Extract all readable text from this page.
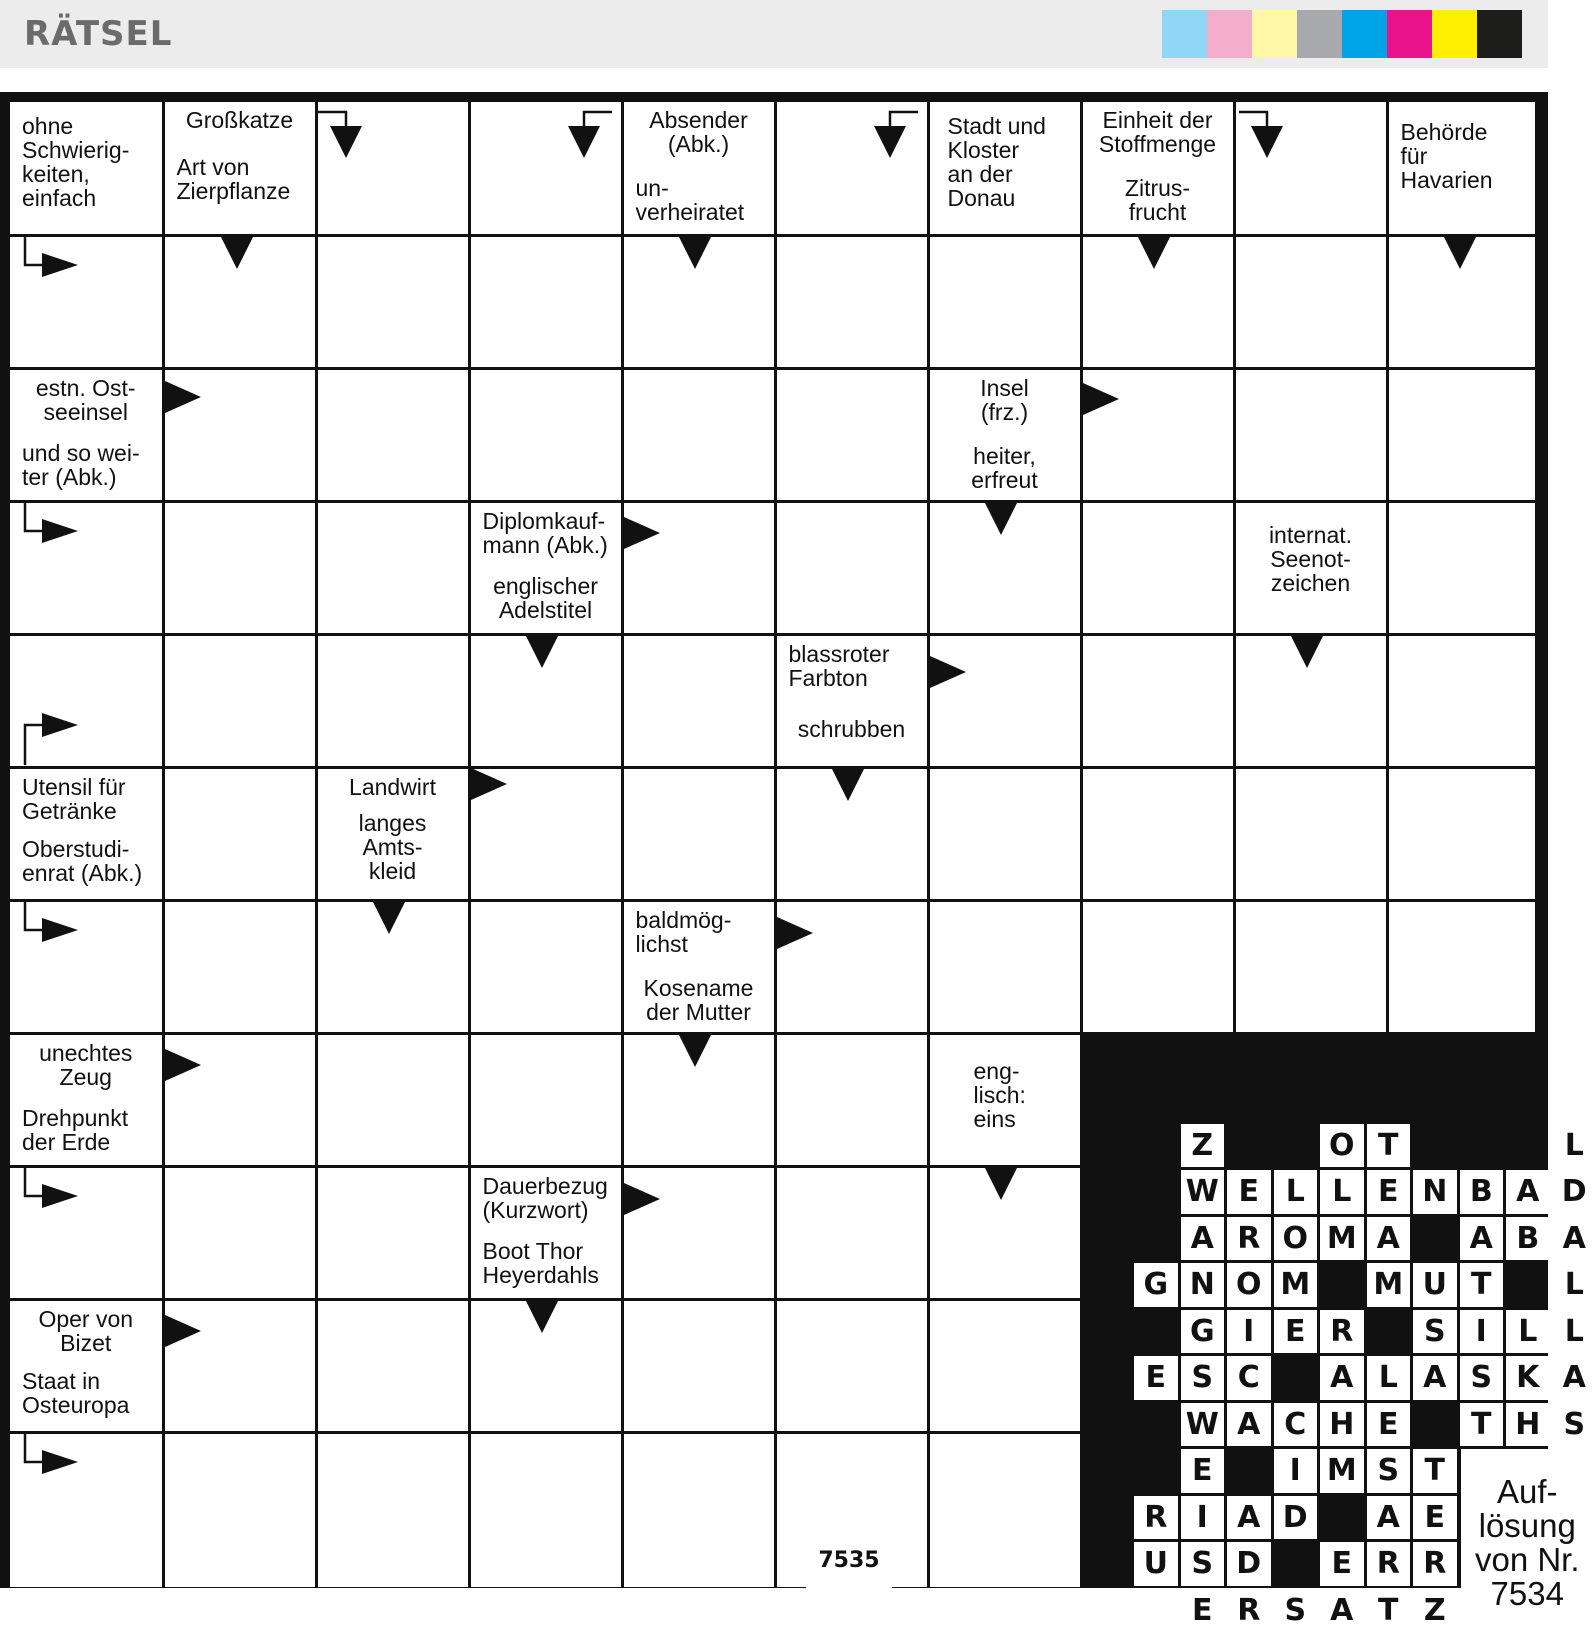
RÄTSEL
ohne
Schwierig-
keiten,
einfach
Großkatze
Art von
Zierpflanze
Absender
(Abk.)
un-
verheiratet
Stadt und
Kloster
an der
Donau
Einheit der
Stoffmenge
Zitrus-
frucht
Behörde
für
Havarien
estn. Ost-
seeinsel
und so wei-
ter (Abk.)
Insel
(frz.)
heiter,
erfreut
Diplomkauf-
mann (Abk.)
englischer
Adelstitel
internat.
Seenot-
zeichen
blassroter
Farbton
schrubben
Utensil für
Getränke
Oberstudi-
enrat (Abk.)
Landwirt
langes
Amts-
kleid
baldmög-
lichst
Kosename
der Mutter
unechtes
Zeug
Drehpunkt
der Erde
eng-
lisch:
eins
Dauerbezug
(Kurzwort)
Boot Thor
Heyerdahls
Oper von
Bizet
Staat in
Osteuropa
Z	O T	L
W E L L E N B A D
A R O M A	A B A
G N O M M U T	L
G I	E R	S	I	L L
E S C	A L A S K A
W A C H E	T H S
E	I M S T
R I A D	A E
U S D	E R R
E R S A T Z
Auf-
lösung
von Nr.
7534
7535
